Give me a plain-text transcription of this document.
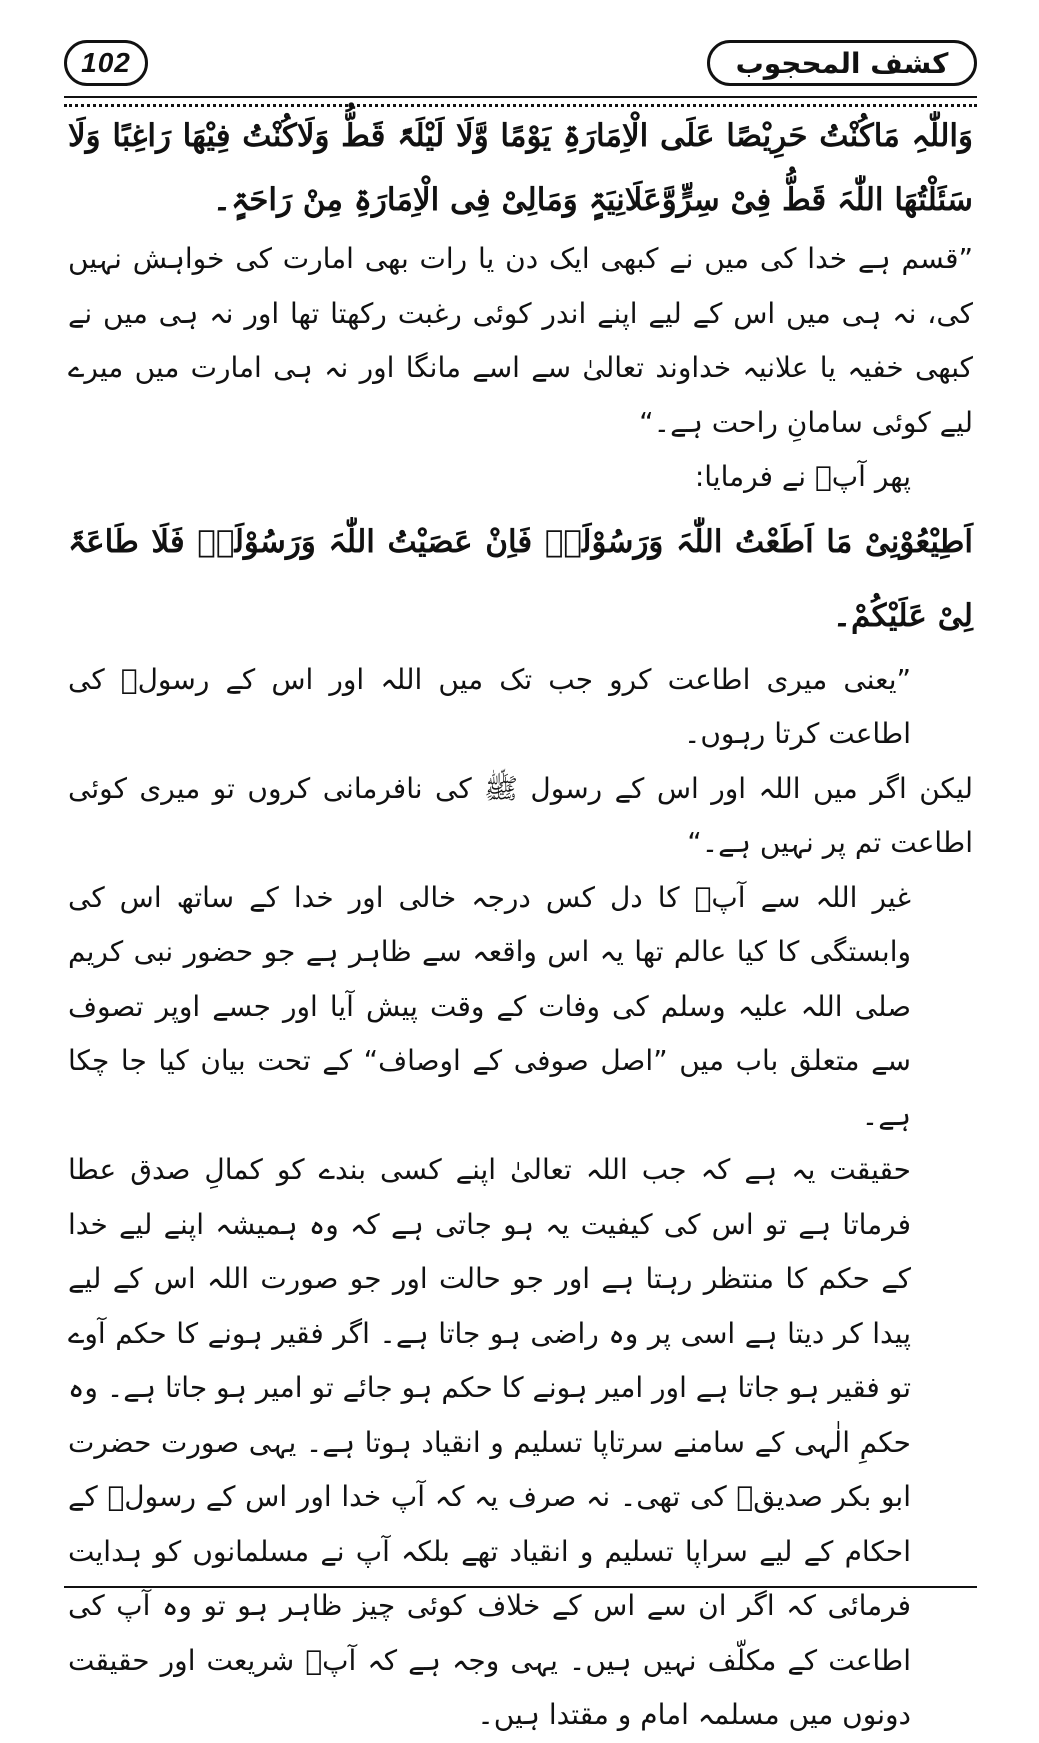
102	کشف المحجوب

وَاللّٰہِ مَاکُنْتُ حَرِیْصًا عَلَی الْاِمَارَۃِ یَوْمًا وَّلَا لَیْلَۃً قَطُّ وَلَاکُنْتُ فِیْھَا رَاغِبًا وَلَا سَئَلْتُھَا اللّٰہَ قَطُّ فِیْ سِرٍّوَّعَلَانِیَۃٍ وَمَالِیْ فِی الْاِمَارَۃِ مِنْ رَاحَۃٍ۔

”قسم ہے خدا کی میں نے کبھی ایک دن یا رات بھی امارت کی خواہش نہیں کی، نہ ہی میں اس کے لیے اپنے اندر کوئی رغبت رکھتا تھا اور نہ ہی میں نے کبھی خفیہ یا علانیہ خداوند تعالیٰ سے اسے مانگا اور نہ ہی امارت میں میرے لیے کوئی سامانِ راحت ہے۔“

پھر آپؓ نے فرمایا:

اَطِیْعُوْنِیْ مَا اَطَعْتُ اللّٰہَ وَرَسُوْلَہٗ فَاِنْ عَصَیْتُ اللّٰہَ وَرَسُوْلَہٗ فَلَا طَاعَۃَ لِیْ عَلَیْکُمْ۔

”یعنی میری اطاعت کرو جب تک میں اللہ اور اس کے رسولؐ کی اطاعت کرتا رہوں۔

لیکن اگر میں اللہ اور اس کے رسول ﷺ کی نافرمانی کروں تو میری کوئی اطاعت تم پر نہیں ہے۔“

غیر اللہ سے آپؓ کا دل کس درجہ خالی اور خدا کے ساتھ اس کی وابستگی کا کیا عالم تھا یہ اس واقعہ سے ظاہر ہے جو حضور نبی کریم صلی اللہ علیہ وسلم کی وفات کے وقت پیش آیا اور جسے اوپر تصوف سے متعلق باب میں ”اصل صوفی کے اوصاف“ کے تحت بیان کیا جا چکا ہے۔

حقیقت یہ ہے کہ جب اللہ تعالیٰ اپنے کسی بندے کو کمالِ صدق عطا فرماتا ہے تو اس کی کیفیت یہ ہو جاتی ہے کہ وہ ہمیشہ اپنے لیے خدا کے حکم کا منتظر رہتا ہے اور جو حالت اور جو صورت اللہ اس کے لیے پیدا کر دیتا ہے اسی پر وہ راضی ہو جاتا ہے۔ اگر فقیر ہونے کا حکم آوے تو فقیر ہو جاتا ہے اور امیر ہونے کا حکم ہو جائے تو امیر ہو جاتا ہے۔ وہ حکمِ الٰہی کے سامنے سرتاپا تسلیم و انقیاد ہوتا ہے۔ یہی صورت حضرت ابو بکر صدیقؓ کی تھی۔ نہ صرف یہ کہ آپ خدا اور اس کے رسولؐ کے احکام کے لیے سراپا تسلیم و انقیاد تھے بلکہ آپ نے مسلمانوں کو ہدایت فرمائی کہ اگر ان سے اس کے خلاف کوئی چیز ظاہر ہو تو وہ آپ کی اطاعت کے مکلّف نہیں ہیں۔ یہی وجہ ہے کہ آپؓ شریعت اور حقیقت دونوں میں مسلمہ امام و مقتدا ہیں۔
